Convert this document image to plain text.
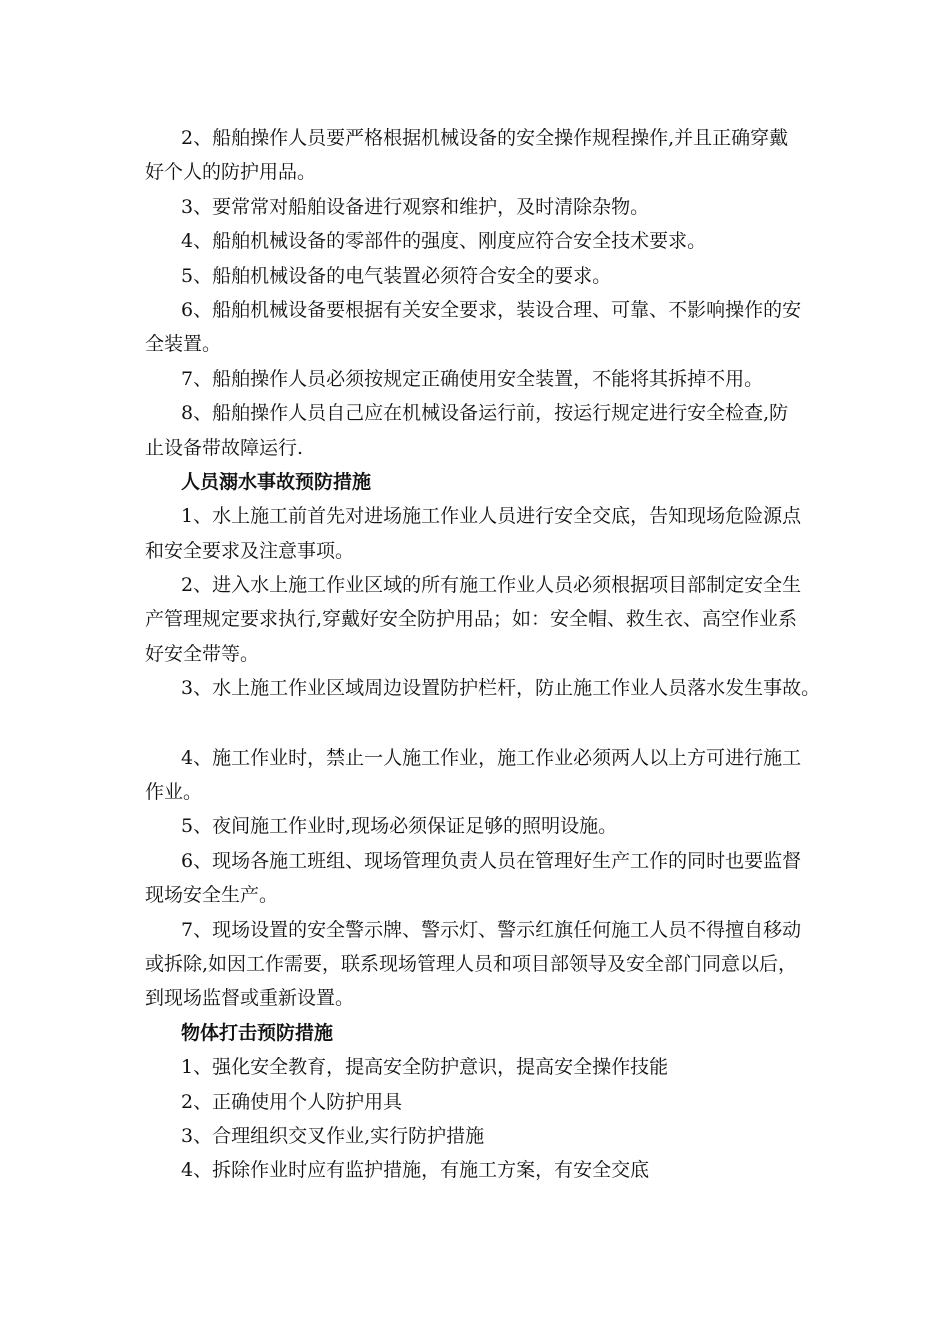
2、船舶操作人员要严格根据机械设备的安全操作规程操作,并且正确穿戴
好个人的防护用品。
3、要常常对船舶设备进行观察和维护，及时清除杂物。
4、船舶机械设备的零部件的强度、刚度应符合安全技术要求。
5、船舶机械设备的电气装置必须符合安全的要求。
6、船舶机械设备要根据有关安全要求，装设合理、可靠、不影响操作的安
全装置。
7、船舶操作人员必须按规定正确使用安全装置，不能将其拆掉不用。
8、船舶操作人员自己应在机械设备运行前，按运行规定进行安全检查,防
止设备带故障运行.
人员溺水事故预防措施
1、水上施工前首先对进场施工作业人员进行安全交底，告知现场危险源点
和安全要求及注意事项。
2、进入水上施工作业区域的所有施工作业人员必须根据项目部制定安全生
产管理规定要求执行,穿戴好安全防护用品；如：安全帽、救生衣、高空作业系
好安全带等。
3、水上施工作业区域周边设置防护栏杆，防止施工作业人员落水发生事故。
4、施工作业时，禁止一人施工作业，施工作业必须两人以上方可进行施工
作业。
5、夜间施工作业时,现场必须保证足够的照明设施。
6、现场各施工班组、现场管理负责人员在管理好生产工作的同时也要监督
现场安全生产。
7、现场设置的安全警示牌、警示灯、警示红旗任何施工人员不得擅自移动
或拆除,如因工作需要，联系现场管理人员和项目部领导及安全部门同意以后，
到现场监督或重新设置。
物体打击预防措施
1、强化安全教育，提高安全防护意识，提高安全操作技能
2、正确使用个人防护用具
3、合理组织交叉作业,实行防护措施
4、拆除作业时应有监护措施，有施工方案，有安全交底
